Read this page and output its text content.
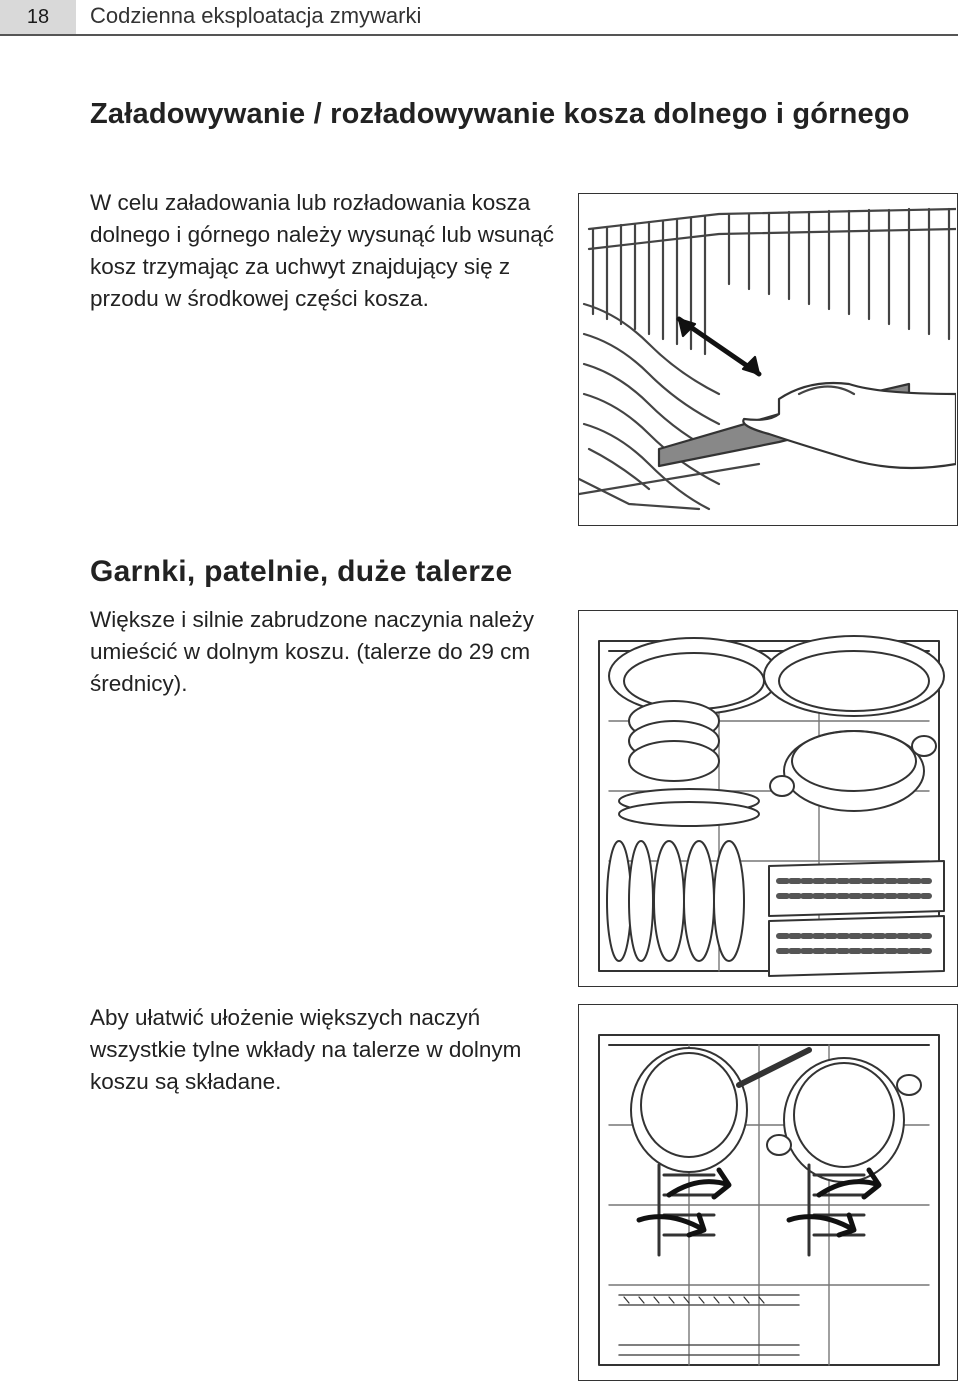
18	Codzienna eksploatacja zmywarki
Załadowywanie / rozładowywanie kosza dolnego i górnego

W celu załadowania lub rozładowania kosza dolnego i górnego należy wysunąć lub wsunąć kosz trzymając za uchwyt znajdujący się z przodu w środkowej części kosza.

Garnki, patelnie, duże talerze

Większe i silnie zabrudzone naczynia należy umieścić w dolnym koszu. (talerze do 29 cm średnicy).

Aby ułatwić ułożenie większych naczyń wszystkie tylne wkłady na talerze w dolnym koszu są składane.
